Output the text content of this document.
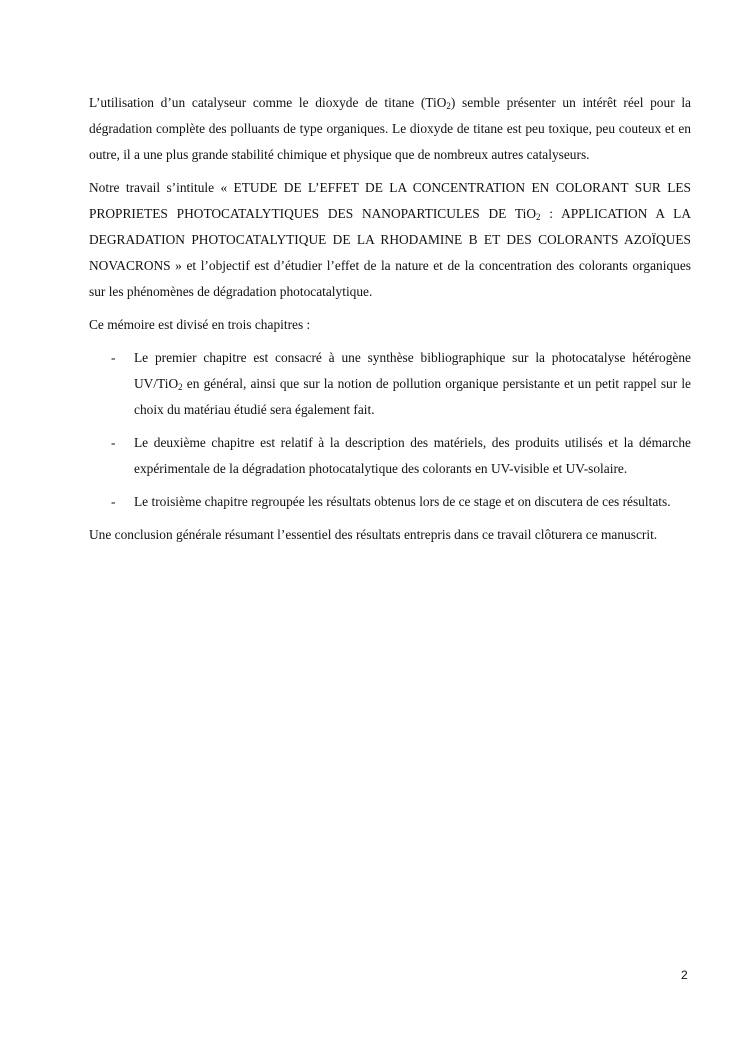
L’utilisation d’un catalyseur comme le dioxyde de titane (TiO$_2$) semble présenter un intérêt réel pour la dégradation complète des polluants de type organiques. Le dioxyde de titane est peu toxique, peu couteux et en outre, il a une plus grande stabilité chimique et physique que de nombreux autres catalyseurs.

Notre travail s’intitule « ETUDE DE L’EFFET DE LA CONCENTRATION EN COLORANT SUR LES PROPRIETES PHOTOCATALYTIQUES DES NANOPARTICULES DE TiO$_2$ : APPLICATION A LA DEGRADATION PHOTOCATALYTIQUE DE LA RHODAMINE B ET DES COLORANTS AZOÏQUES NOVACRONS » et l’objectif est d’étudier l’effet de la nature et de la concentration des colorants organiques sur les phénomènes de dégradation photocatalytique.

Ce mémoire est divisé en trois chapitres :

- Le premier chapitre est consacré à une synthèse bibliographique sur la photocatalyse hétérogène UV/TiO$_2$ en général, ainsi que sur la notion de pollution organique persistante et un petit rappel sur le choix du matériau étudié sera également fait.
- Le deuxième chapitre est relatif à la description des matériels, des produits utilisés et la démarche expérimentale de la dégradation photocatalytique des colorants en UV-visible et UV-solaire.
- Le troisième chapitre regroupée les résultats obtenus lors de ce stage et on discutera de ces résultats.

Une conclusion générale résumant l’essentiel des résultats entrepris dans ce travail clôturera ce manuscrit.

2
